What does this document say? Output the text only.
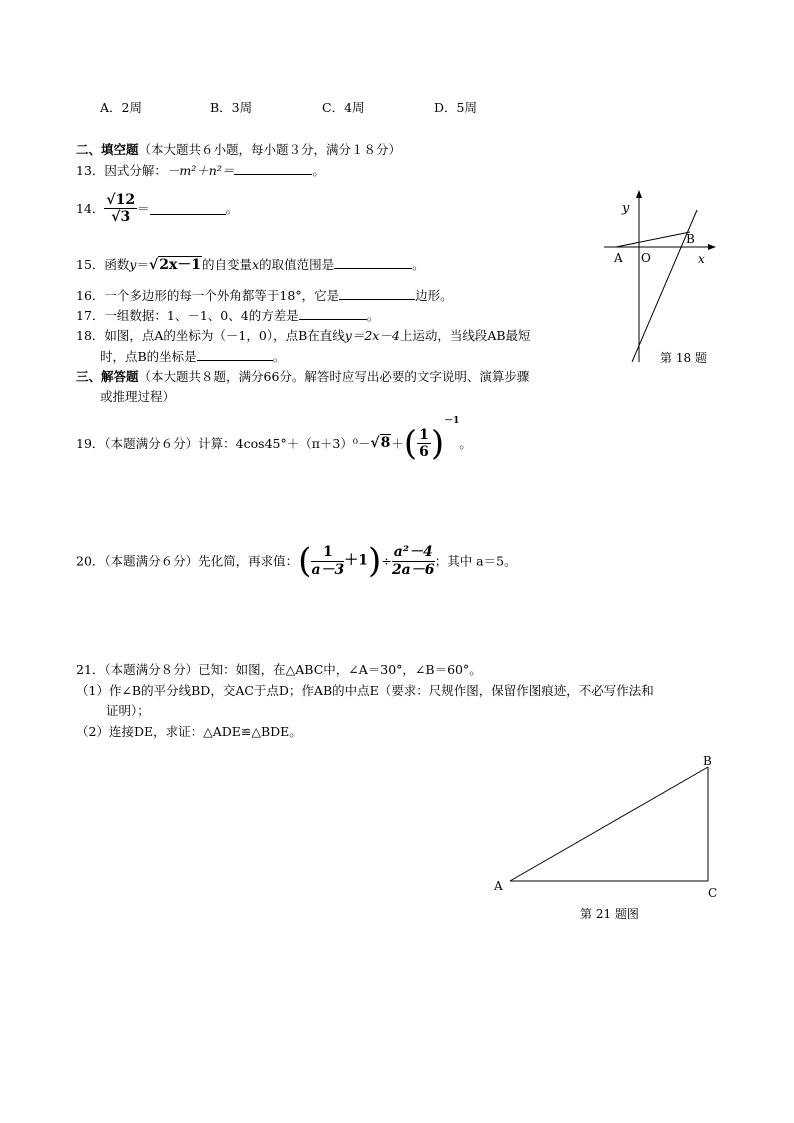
A．2周	B．3周	C．4周	D．5周
二、填空题（本大题共６小题，每小题３分，满分１８分）
13．因式分解：－m²＋n²＝	。
14． $\frac{√12}{√3}$ ＝	。
15．函数y＝√2x－1的自变量x的取值范围是	。
16．一个多边形的每一个外角都等于18°，它是	边形。
17．一组数据：1、－1、0、4的方差是	。
18．如图，点A的坐标为（－1，0），点B在直线y＝2x－4上运动，当线段AB最短
时，点B的坐标是	。
y
x
A O
B
第 18 题
三、解答题（本大题共８题，满分66分。解答时应写出必要的文字说明、演算步骤
或推理过程）
19．（本题满分６分）计算：$4\cos 45^\circ+(\pi+3)^0-√8+( \frac{1}{6} )^{-1}$。
20．（本题满分６分）先化简，再求值：( $\frac{1}{a-3} +1)\div \frac{\text{a²－4}}{2a-6}$ ；其中 a＝5。
21．（本题满分８分）已知：如图，在△ABC中，∠A＝30°，∠B＝60°。
（1）作∠B的平分线BD，交AC于点D；作AB的中点E（要求：尺规作图，保留作图痕迹，不必写作法和
证明）；
（2）连接DE，求证：△ADE≌△BDE。
A
B
C
第 21 题图
